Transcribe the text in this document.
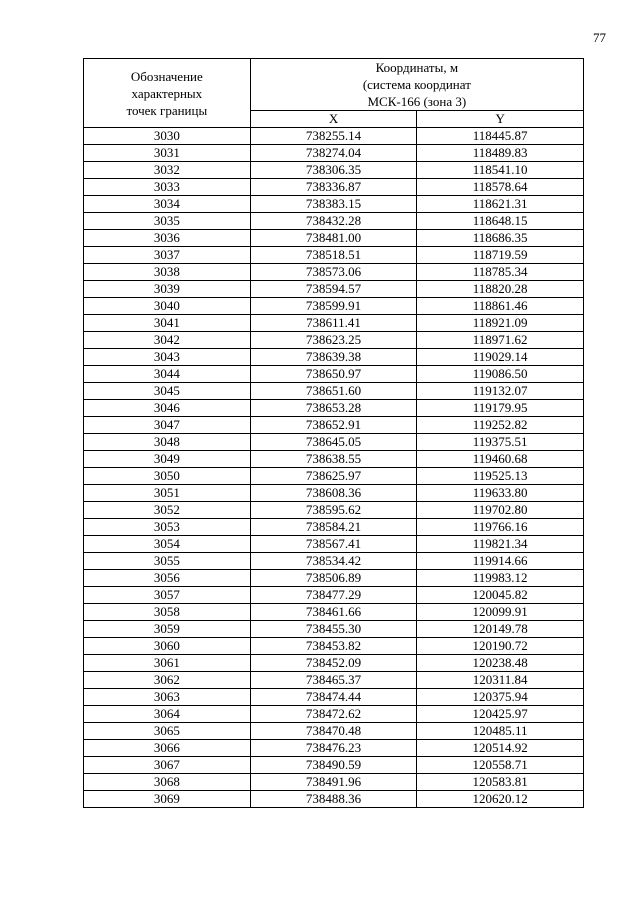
77
Обозначение
характерных
точек границы	Координаты, м
(система координат
МСК-166 (зона 3)	

	X	Y
3030	738255.14	118445.87
3031	738274.04	118489.83
3032	738306.35	118541.10
3033	738336.87	118578.64
3034	738383.15	118621.31
3035	738432.28	118648.15
3036	738481.00	118686.35
3037	738518.51	118719.59
3038	738573.06	118785.34
3039	738594.57	118820.28
3040	738599.91	118861.46
3041	738611.41	118921.09
3042	738623.25	118971.62
3043	738639.38	119029.14
3044	738650.97	119086.50
3045	738651.60	119132.07
3046	738653.28	119179.95
3047	738652.91	119252.82
3048	738645.05	119375.51
3049	738638.55	119460.68
3050	738625.97	119525.13
3051	738608.36	119633.80
3052	738595.62	119702.80
3053	738584.21	119766.16
3054	738567.41	119821.34
3055	738534.42	119914.66
3056	738506.89	119983.12
3057	738477.29	120045.82
3058	738461.66	120099.91
3059	738455.30	120149.78
3060	738453.82	120190.72
3061	738452.09	120238.48
3062	738465.37	120311.84
3063	738474.44	120375.94
3064	738472.62	120425.97
3065	738470.48	120485.11
3066	738476.23	120514.92
3067	738490.59	120558.71
3068	738491.96	120583.81
3069	738488.36	120620.12
